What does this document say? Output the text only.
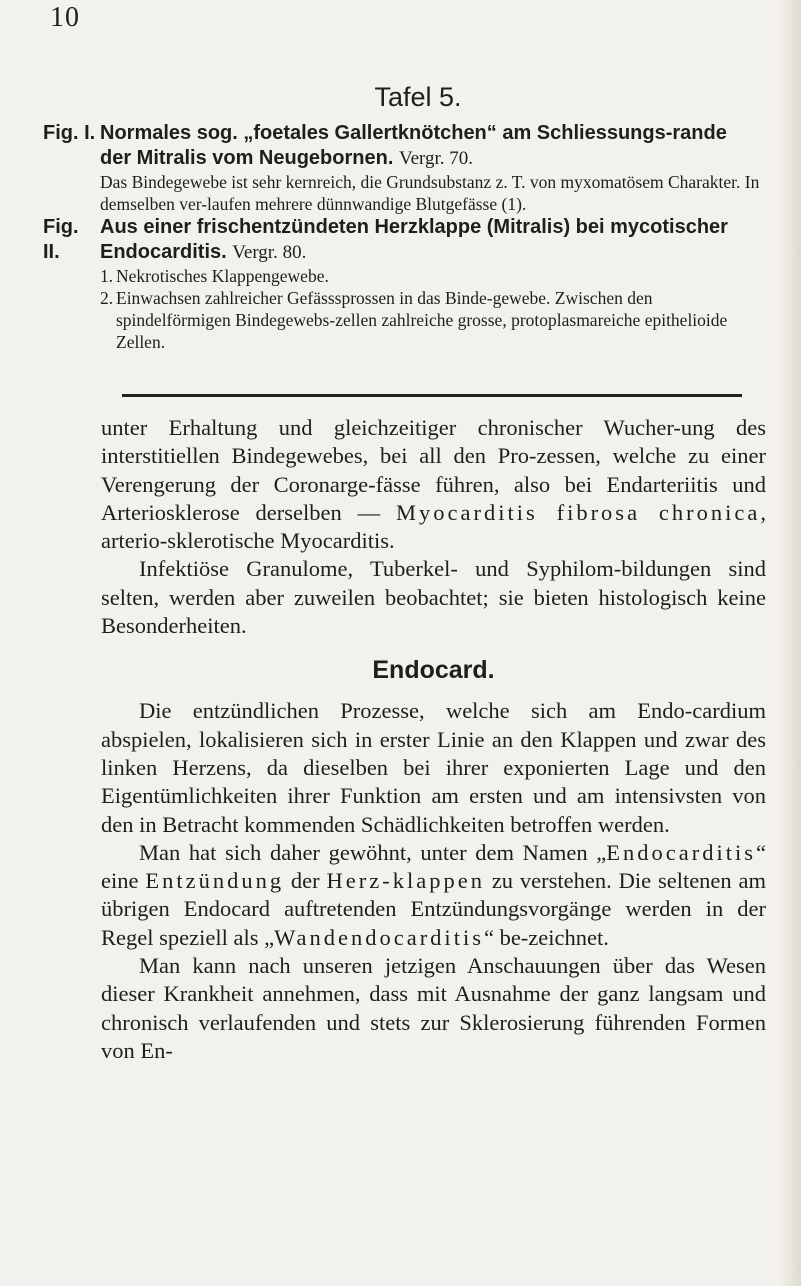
10
Tafel 5.
Fig. I. Normales sog. „foetales Gallertknötchen“ am Schliessungs-rande der Mitralis vom Neugebornen. Vergr. 70.
Das Bindegewebe ist sehr kernreich, die Grundsubstanz z. T. von myxomatösem Charakter. In demselben ver-laufen mehrere dünnwandige Blutgefässe (1).
Fig. II.
Aus einer frischentzündeten Herzklappe (Mitralis) bei mycotischer Endocarditis. Vergr. 80.
1. Nekrotisches Klappengewebe.
2. Einwachsen zahlreicher Gefässsprossen in das Binde-gewebe. Zwischen den spindelförmigen Bindegewebs-zellen zahlreiche grosse, protoplasmareiche epithelioide Zellen.

unter Erhaltung und gleichzeitiger chronischer Wucher-ung des interstitiellen Bindegewebes, bei all den Pro-zessen, welche zu einer Verengerung der Coronarge-fässe führen, also bei Endarteriitis und Arteriosklerose derselben — Myocarditis fibrosa chronica, arterio-sklerotische Myocarditis.

Infektiöse Granulome, Tuberkel- und Syphilom-bildungen sind selten, werden aber zuweilen beobachtet; sie bieten histologisch keine Besonderheiten.

Endocard.

Die entzündlichen Prozesse, welche sich am Endo-cardium abspielen, lokalisieren sich in erster Linie an den Klappen und zwar des linken Herzens, da dieselben bei ihrer exponierten Lage und den Eigentümlichkeiten ihrer Funktion am ersten und am intensivsten von den in Betracht kommenden Schädlichkeiten betroffen werden.

Man hat sich daher gewöhnt, unter dem Namen „Endocarditis“ eine Entzündung der Herz-klappen zu verstehen. Die seltenen am übrigen Endocard auftretenden Entzündungsvorgänge werden in der Regel speziell als „Wandendocarditis“ be-zeichnet.

Man kann nach unseren jetzigen Anschauungen über das Wesen dieser Krankheit annehmen, dass mit Ausnahme der ganz langsam und chronisch verlaufenden und stets zur Sklerosierung führenden Formen von En-
